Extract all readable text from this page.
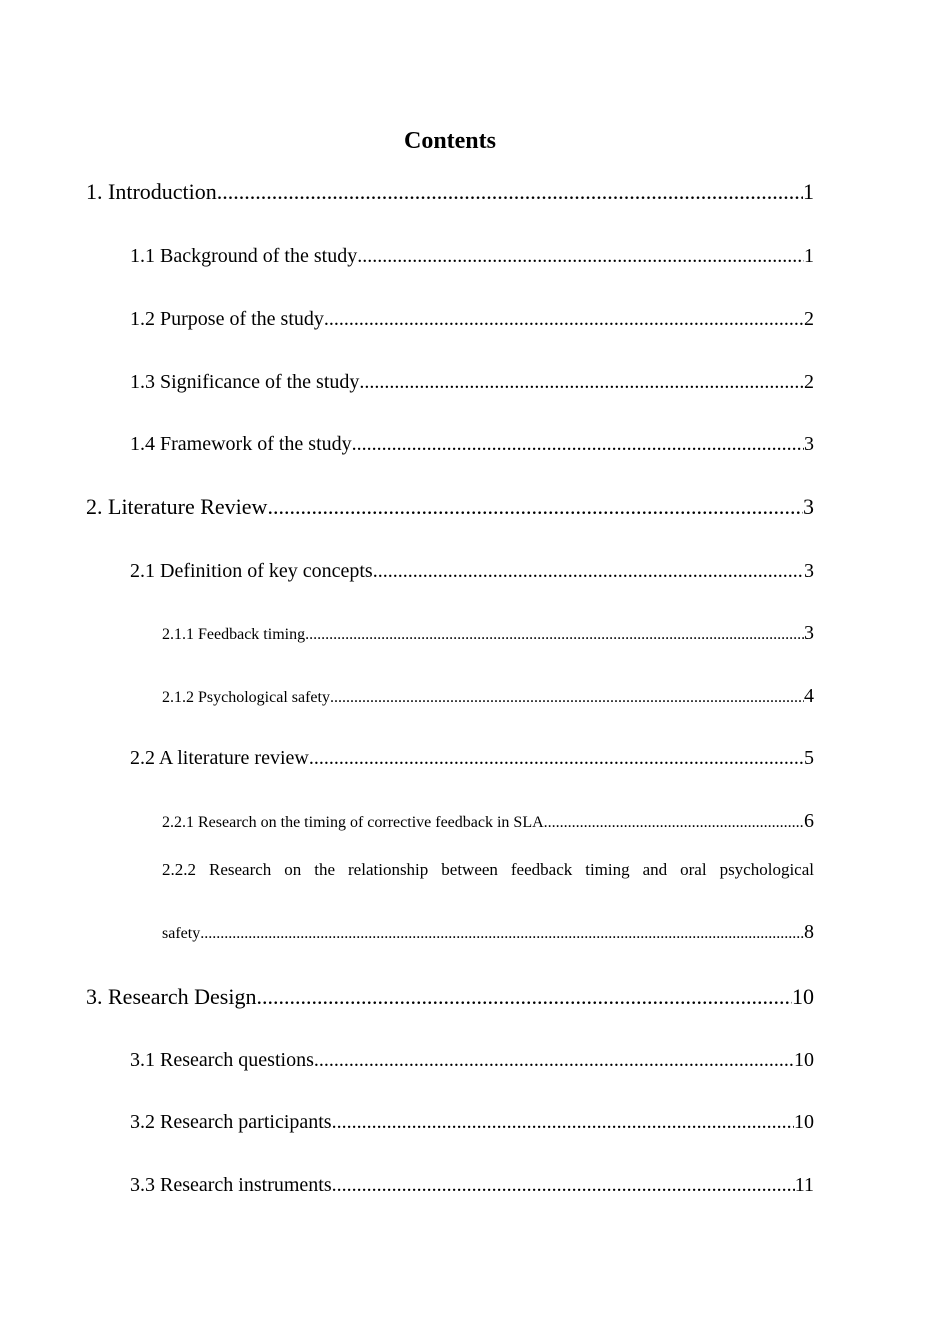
Contents
1. Introduction .....	1
1.1 Background of the study .....	1
1.2 Purpose of the study .....	2
1.3 Significance of the study .....	2
1.4 Framework of the study .....	3
2. Literature Review .....	3
2.1 Definition of key concepts .....	3
2.1.1 Feedback timing .....	3
2.1.2 Psychological safety .....	4
2.2 A literature review .....	5
2.2.1 Research on the timing of corrective feedback in SLA .....	6
2.2.2 Research on the relationship between feedback timing and oral psychological
safety .....	8
3. Research Design .....	10
3.1 Research questions .....	10
3.2 Research participants .....	10
3.3 Research instruments .....	11
